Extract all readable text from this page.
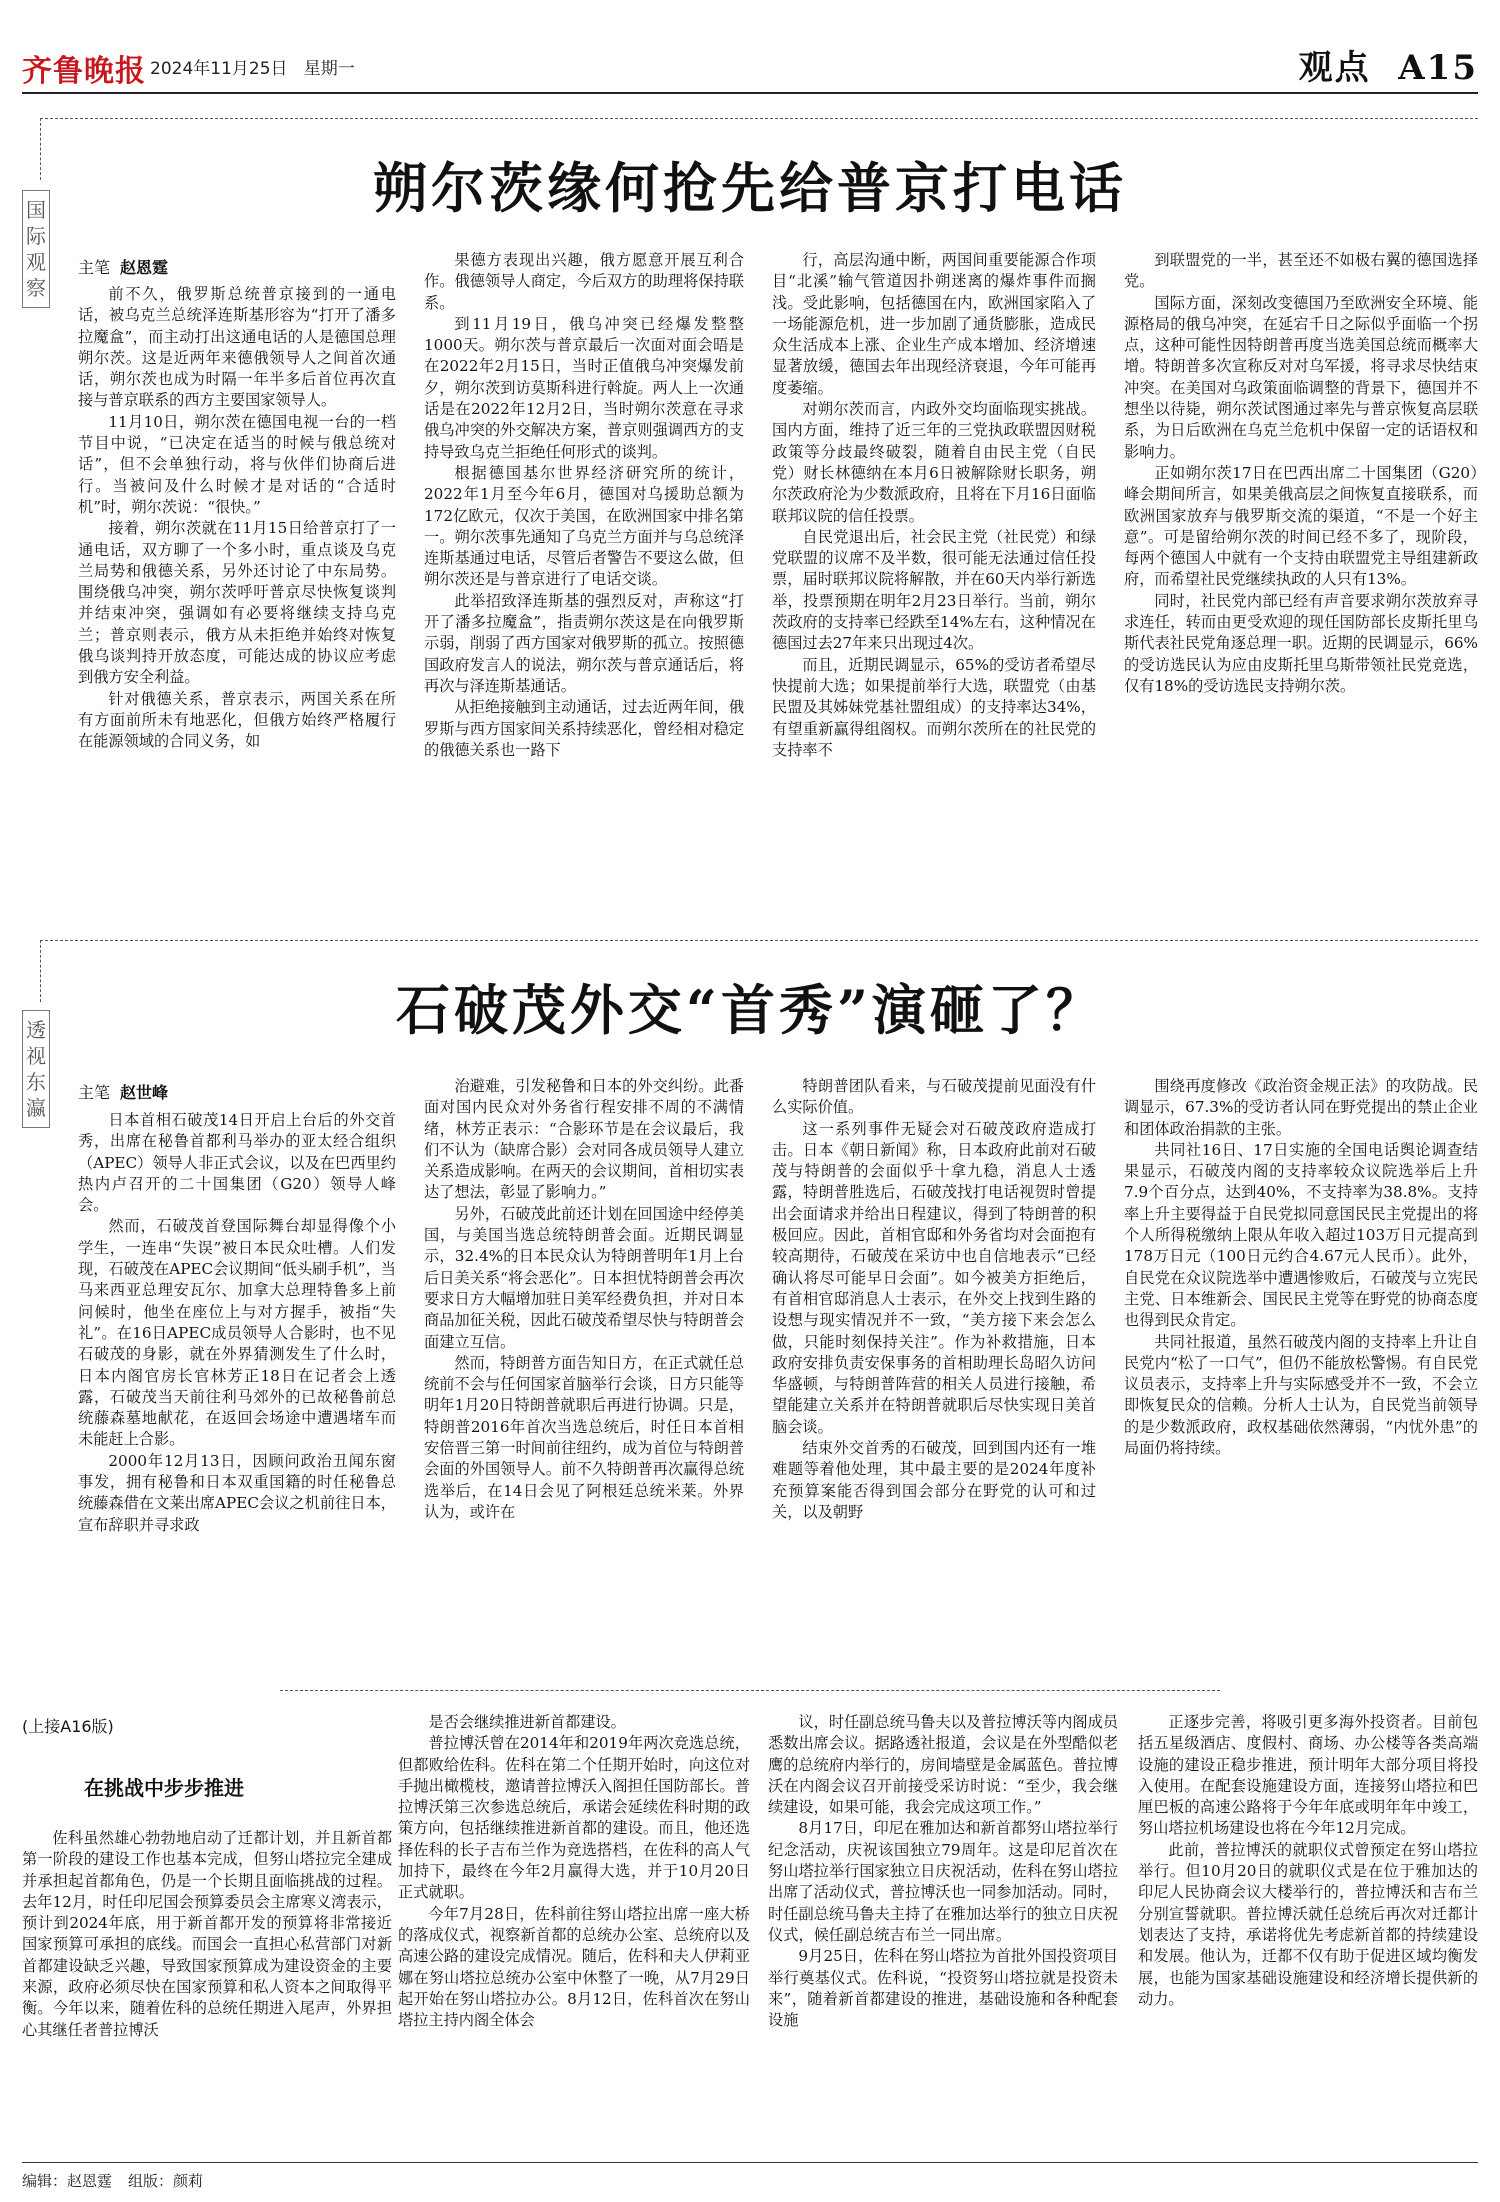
齐鲁晚报 2024年11月25日 星期一	观点 A15
朔尔茨缘何抢先给普京打电话
国际观察
主笔 赵恩霆

前不久，俄罗斯总统普京接到的一通电话，被乌克兰总统泽连斯基形容为“打开了潘多拉魔盒”，而主动打出这通电话的人是德国总理朔尔茨。这是近两年来德俄领导人之间首次通话，朔尔茨也成为时隔一年半多后首位再次直接与普京联系的西方主要国家领导人。

11月10日，朔尔茨在德国电视一台的一档节目中说，“已决定在适当的时候与俄总统对话”，但不会单独行动，将与伙伴们协商后进行。当被问及什么时候才是对话的“合适时机”时，朔尔茨说：“很快。”

接着，朔尔茨就在11月15日给普京打了一通电话，双方聊了一个多小时，重点谈及乌克兰局势和俄德关系，另外还讨论了中东局势。围绕俄乌冲突，朔尔茨呼吁普京尽快恢复谈判并结束冲突，强调如有必要将继续支持乌克兰；普京则表示，俄方从未拒绝并始终对恢复俄乌谈判持开放态度，可能达成的协议应考虑到俄方安全利益。

针对俄德关系，普京表示，两国关系在所有方面前所未有地恶化，但俄方始终严格履行在能源领域的合同义务，如

果德方表现出兴趣，俄方愿意开展互利合作。俄德领导人商定，今后双方的助理将保持联系。

到11月19日，俄乌冲突已经爆发整整1000天。朔尔茨与普京最后一次面对面会晤是在2022年2月15日，当时正值俄乌冲突爆发前夕，朔尔茨到访莫斯科进行斡旋。两人上一次通话是在2022年12月2日，当时朔尔茨意在寻求俄乌冲突的外交解决方案，普京则强调西方的支持导致乌克兰拒绝任何形式的谈判。

根据德国基尔世界经济研究所的统计，2022年1月至今年6月，德国对乌援助总额为172亿欧元，仅次于美国，在欧洲国家中排名第一。朔尔茨事先通知了乌克兰方面并与乌总统泽连斯基通过电话，尽管后者警告不要这么做，但朔尔茨还是与普京进行了电话交谈。

此举招致泽连斯基的强烈反对，声称这“打开了潘多拉魔盒”，指责朔尔茨这是在向俄罗斯示弱，削弱了西方国家对俄罗斯的孤立。按照德国政府发言人的说法，朔尔茨与普京通话后，将再次与泽连斯基通话。

从拒绝接触到主动通话，过去近两年间，俄罗斯与西方国家间关系持续恶化，曾经相对稳定的俄德关系也一路下

行，高层沟通中断，两国间重要能源合作项目“北溪”输气管道因扑朔迷离的爆炸事件而搁浅。受此影响，包括德国在内，欧洲国家陷入了一场能源危机，进一步加剧了通货膨胀，造成民众生活成本上涨、企业生产成本增加、经济增速显著放缓，德国去年出现经济衰退，今年可能再度萎缩。

对朔尔茨而言，内政外交均面临现实挑战。国内方面，维持了近三年的三党执政联盟因财税政策等分歧最终破裂，随着自由民主党（自民党）财长林德纳在本月6日被解除财长职务，朔尔茨政府沦为少数派政府，且将在下月16日面临联邦议院的信任投票。

自民党退出后，社会民主党（社民党）和绿党联盟的议席不及半数，很可能无法通过信任投票，届时联邦议院将解散，并在60天内举行新选举，投票预期在明年2月23日举行。当前，朔尔茨政府的支持率已经跌至14%左右，这种情况在德国过去27年来只出现过4次。

而且，近期民调显示，65%的受访者希望尽快提前大选；如果提前举行大选，联盟党（由基民盟及其姊妹党基社盟组成）的支持率达34%，有望重新赢得组阁权。而朔尔茨所在的社民党的支持率不

到联盟党的一半，甚至还不如极右翼的德国选择党。

国际方面，深刻改变德国乃至欧洲安全环境、能源格局的俄乌冲突，在延宕千日之际似乎面临一个拐点，这种可能性因特朗普再度当选美国总统而概率大增。特朗普多次宣称反对对乌军援，将寻求尽快结束冲突。在美国对乌政策面临调整的背景下，德国并不想坐以待毙，朔尔茨试图通过率先与普京恢复高层联系，为日后欧洲在乌克兰危机中保留一定的话语权和影响力。

正如朔尔茨17日在巴西出席二十国集团（G20）峰会期间所言，如果美俄高层之间恢复直接联系，而欧洲国家放弃与俄罗斯交流的渠道，“不是一个好主意”。可是留给朔尔茨的时间已经不多了，现阶段，每两个德国人中就有一个支持由联盟党主导组建新政府，而希望社民党继续执政的人只有13%。

同时，社民党内部已经有声音要求朔尔茨放弃寻求连任，转而由更受欢迎的现任国防部长皮斯托里乌斯代表社民党角逐总理一职。近期的民调显示，66%的受访选民认为应由皮斯托里乌斯带领社民党竞选，仅有18%的受访选民支持朔尔茨。

石破茂外交“首秀”演砸了？
透视东瀛
主笔 赵世峰

日本首相石破茂14日开启上台后的外交首秀，出席在秘鲁首都利马举办的亚太经合组织（APEC）领导人非正式会议，以及在巴西里约热内卢召开的二十国集团（G20）领导人峰会。

然而，石破茂首登国际舞台却显得像个小学生，一连串“失误”被日本民众吐槽。人们发现，石破茂在APEC会议期间“低头刷手机”，当马来西亚总理安瓦尔、加拿大总理特鲁多上前问候时，他坐在座位上与对方握手，被指“失礼”。在16日APEC成员领导人合影时，也不见石破茂的身影，就在外界猜测发生了什么时，日本内阁官房长官林芳正18日在记者会上透露，石破茂当天前往利马郊外的已故秘鲁前总统藤森墓地献花，在返回会场途中遭遇堵车而未能赶上合影。

2000年12月13日，因顾问政治丑闻东窗事发，拥有秘鲁和日本双重国籍的时任秘鲁总统藤森借在文莱出席APEC会议之机前往日本，宣布辞职并寻求政

治避难，引发秘鲁和日本的外交纠纷。此番面对国内民众对外务省行程安排不周的不满情绪，林芳正表示：“合影环节是在会议最后，我们不认为（缺席合影）会对同各成员领导人建立关系造成影响。在两天的会议期间，首相切实表达了想法，彰显了影响力。”

另外，石破茂此前还计划在回国途中经停美国，与美国当选总统特朗普会面。近期民调显示，32.4%的日本民众认为特朗普明年1月上台后日美关系“将会恶化”。日本担忧特朗普会再次要求日方大幅增加驻日美军经费负担，并对日本商品加征关税，因此石破茂希望尽快与特朗普会面建立互信。

然而，特朗普方面告知日方，在正式就任总统前不会与任何国家首脑举行会谈，日方只能等明年1月20日特朗普就职后再进行协调。只是，特朗普2016年首次当选总统后，时任日本首相安倍晋三第一时间前往纽约，成为首位与特朗普会面的外国领导人。前不久特朗普再次赢得总统选举后，在14日会见了阿根廷总统米莱。外界认为，或许在

特朗普团队看来，与石破茂提前见面没有什么实际价值。

这一系列事件无疑会对石破茂政府造成打击。日本《朝日新闻》称，日本政府此前对石破茂与特朗普的会面似乎十拿九稳，消息人士透露，特朗普胜选后，石破茂找打电话视贺时曾提出会面请求并给出日程建议，得到了特朗普的积极回应。因此，首相官邸和外务省均对会面抱有较高期待，石破茂在采访中也自信地表示“已经确认将尽可能早日会面”。如今被美方拒绝后，有首相官邸消息人士表示，在外交上找到生路的设想与现实情况并不一致，“美方接下来会怎么做，只能时刻保持关注”。作为补救措施，日本政府安排负责安保事务的首相助理长岛昭久访问华盛顿，与特朗普阵营的相关人员进行接触，希望能建立关系并在特朗普就职后尽快实现日美首脑会谈。

结束外交首秀的石破茂，回到国内还有一堆难题等着他处理，其中最主要的是2024年度补充预算案能否得到国会部分在野党的认可和过关，以及朝野

围绕再度修改《政治资金规正法》的攻防战。民调显示，67.3%的受访者认同在野党提出的禁止企业和团体政治捐款的主张。

共同社16日、17日实施的全国电话舆论调查结果显示，石破茂内阁的支持率较众议院选举后上升7.9个百分点，达到40%，不支持率为38.8%。支持率上升主要得益于自民党拟同意国民民主党提出的将个人所得税缴纳上限从年收入超过103万日元提高到178万日元（100日元约合4.67元人民币）。此外，自民党在众议院选举中遭遇惨败后，石破茂与立宪民主党、日本维新会、国民民主党等在野党的协商态度也得到民众肯定。

共同社报道，虽然石破茂内阁的支持率上升让自民党内“松了一口气”，但仍不能放松警惕。有自民党议员表示，支持率上升与实际感受并不一致，不会立即恢复民众的信赖。分析人士认为，自民党当前领导的是少数派政府，政权基础依然薄弱，“内忧外患”的局面仍将持续。

(上接A16版)
在挑战中步步推进

佐科虽然雄心勃勃地启动了迁都计划，并且新首都第一阶段的建设工作也基本完成，但努山塔拉完全建成并承担起首都角色，仍是一个长期且面临挑战的过程。去年12月，时任印尼国会预算委员会主席寒义湾表示，预计到2024年底，用于新首都开发的预算将非常接近国家预算可承担的底线。而国会一直担心私营部门对新首都建设缺乏兴趣，导致国家预算成为建设资金的主要来源，政府必须尽快在国家预算和私人资本之间取得平衡。今年以来，随着佐科的总统任期进入尾声，外界担心其继任者普拉博沃

是否会继续推进新首都建设。

普拉博沃曾在2014年和2019年两次竞选总统，但都败给佐科。佐科在第二个任期开始时，向这位对手抛出橄榄枝，邀请普拉博沃入阁担任国防部长。普拉博沃第三次参选总统后，承诺会延续佐科时期的政策方向，包括继续推进新首都的建设。而且，他还选择佐科的长子吉布兰作为竞选搭档，在佐科的高人气加持下，最终在今年2月赢得大选，并于10月20日正式就职。

今年7月28日，佐科前往努山塔拉出席一座大桥的落成仪式，视察新首都的总统办公室、总统府以及高速公路的建设完成情况。随后，佐科和夫人伊莉亚娜在努山塔拉总统办公室中休整了一晚，从7月29日起开始在努山塔拉办公。8月12日，佐科首次在努山塔拉主持内阁全体会

议，时任副总统马鲁夫以及普拉博沃等内阁成员悉数出席会议。据路透社报道，会议是在外型酷似老鹰的总统府内举行的，房间墙壁是金属蓝色。普拉博沃在内阁会议召开前接受采访时说：“至少，我会继续建设，如果可能，我会完成这项工作。”

8月17日，印尼在雅加达和新首都努山塔拉举行纪念活动，庆祝该国独立79周年。这是印尼首次在努山塔拉举行国家独立日庆祝活动，佐科在努山塔拉出席了活动仪式，普拉博沃也一同参加活动。同时，时任副总统马鲁夫主持了在雅加达举行的独立日庆祝仪式，候任副总统吉布兰一同出席。

9月25日，佐科在努山塔拉为首批外国投资项目举行奠基仪式。佐科说，“投资努山塔拉就是投资未来”，随着新首都建设的推进，基础设施和各种配套设施

正逐步完善，将吸引更多海外投资者。目前包括五星级酒店、度假村、商场、办公楼等各类高端设施的建设正稳步推进，预计明年大部分项目将投入使用。在配套设施建设方面，连接努山塔拉和巴厘巴板的高速公路将于今年年底或明年年中竣工，努山塔拉机场建设也将在今年12月完成。

此前，普拉博沃的就职仪式曾预定在努山塔拉举行。但10月20日的就职仪式是在位于雅加达的印尼人民协商会议大楼举行的，普拉博沃和吉布兰分别宣誓就职。普拉博沃就任总统后再次对迁都计划表达了支持，承诺将优先考虑新首都的持续建设和发展。他认为，迁都不仅有助于促进区域均衡发展，也能为国家基础设施建设和经济增长提供新的动力。

编辑：赵恩霆 组版：颜莉
